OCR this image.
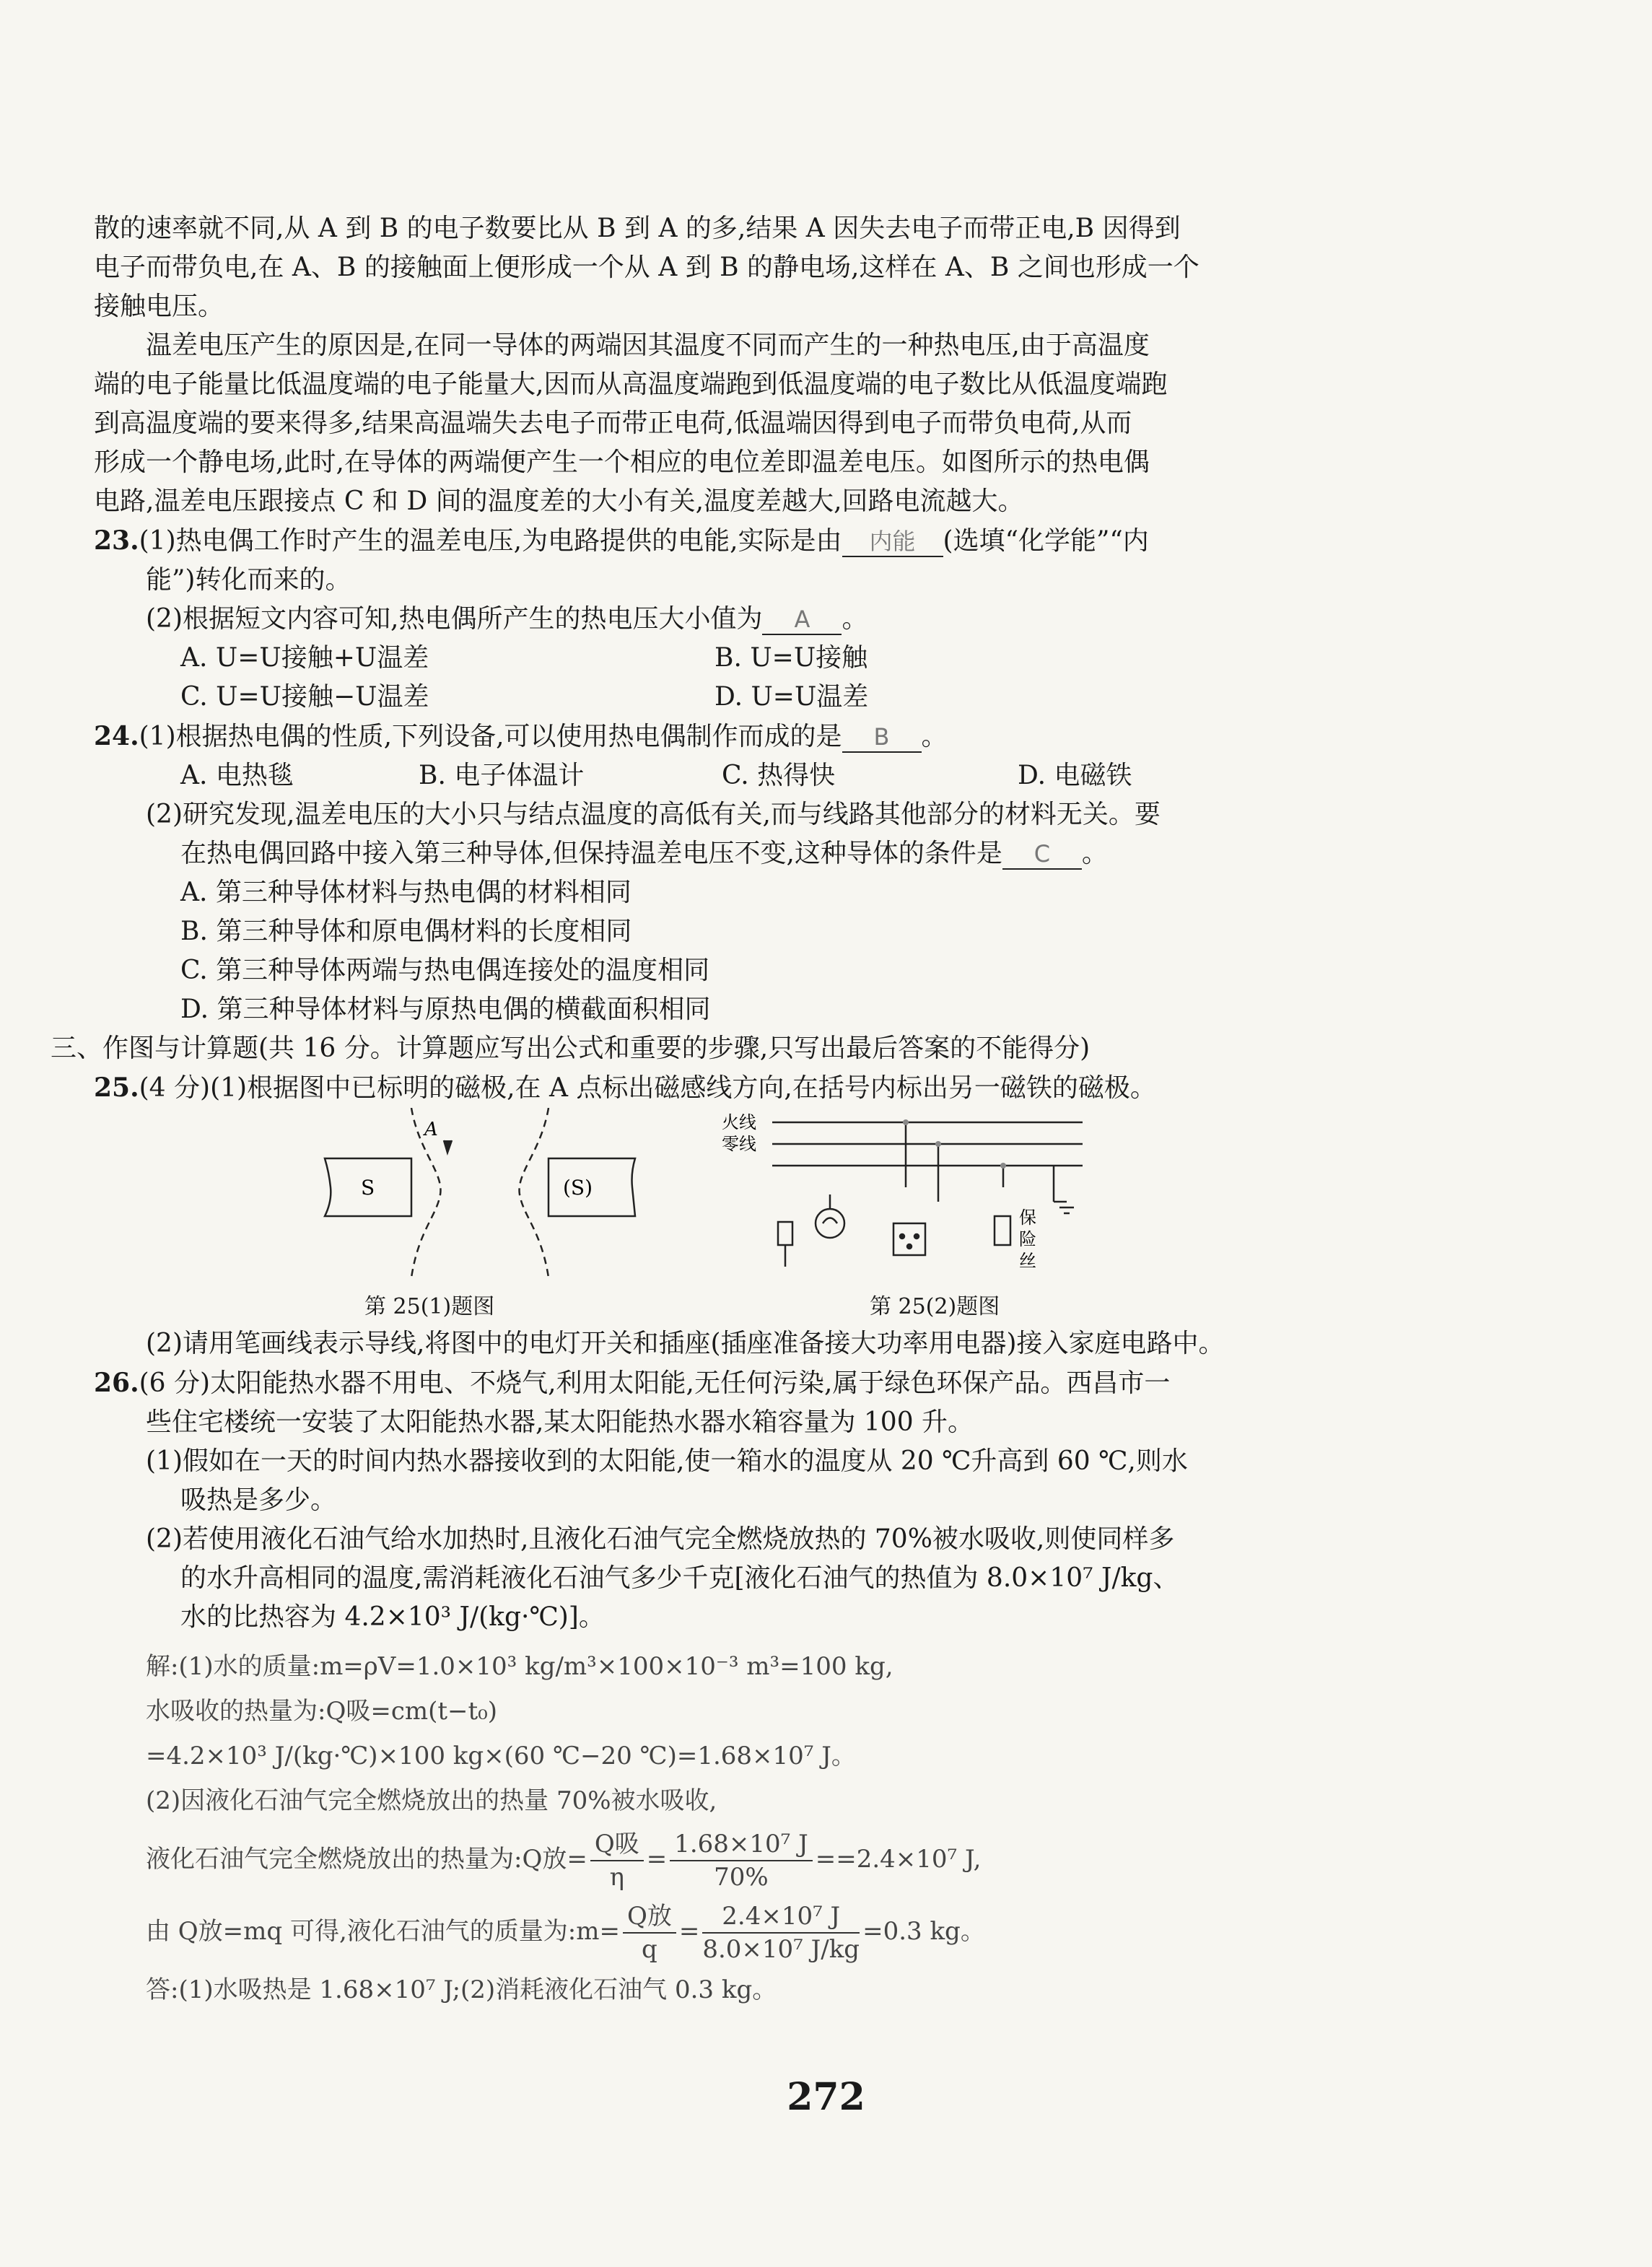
散的速率就不同,从 A 到 B 的电子数要比从 B 到 A 的多,结果 A 因失去电子而带正电,B 因得到
电子而带负电,在 A、B 的接触面上便形成一个从 A 到 B 的静电场,这样在 A、B 之间也形成一个
接触电压。
温差电压产生的原因是,在同一导体的两端因其温度不同而产生的一种热电压,由于高温度
端的电子能量比低温度端的电子能量大,因而从高温度端跑到低温度端的电子数比从低温度端跑
到高温度端的要来得多,结果高温端失去电子而带正电荷,低温端因得到电子而带负电荷,从而
形成一个静电场,此时,在导体的两端便产生一个相应的电位差即温差电压。如图所示的热电偶
电路,温差电压跟接点 C 和 D 间的温度差的大小有关,温度差越大,回路电流越大。
23.(1)热电偶工作时产生的温差电压,为电路提供的电能,实际是由 内能 (选填“化学能”“内
能”)转化而来的。
(2)根据短文内容可知,热电偶所产生的热电压大小值为 A 。
A. U=U接触+U温差	B. U=U接触
C. U=U接触−U温差	D. U=U温差
24.(1)根据热电偶的性质,下列设备,可以使用热电偶制作而成的是 B 。
A. 电热毯	B. 电子体温计	C. 热得快	D. 电磁铁
(2)研究发现,温差电压的大小只与结点温度的高低有关,而与线路其他部分的材料无关。要
在热电偶回路中接入第三种导体,但保持温差电压不变,这种导体的条件是 C 。
A. 第三种导体材料与热电偶的材料相同
B. 第三种导体和原电偶材料的长度相同
C. 第三种导体两端与热电偶连接处的温度相同
D. 第三种导体材料与原热电偶的横截面积相同
三、作图与计算题(共 16 分。计算题应写出公式和重要的步骤,只写出最后答案的不能得分)
25.(4 分)(1)根据图中已标明的磁极,在 A 点标出磁感线方向,在括号内标出另一磁铁的磁极。
A
S	(S)
第 25(1)题图
火线
零线
保
险
丝
第 25(2)题图
(2)请用笔画线表示导线,将图中的电灯开关和插座(插座准备接大功率用电器)接入家庭电路中。
26.(6 分)太阳能热水器不用电、不烧气,利用太阳能,无任何污染,属于绿色环保产品。西昌市一
些住宅楼统一安装了太阳能热水器,某太阳能热水器水箱容量为 100 升。
(1)假如在一天的时间内热水器接收到的太阳能,使一箱水的温度从 20 ℃升高到 60 ℃,则水
吸热是多少。
(2)若使用液化石油气给水加热时,且液化石油气完全燃烧放热的 70%被水吸收,则使同样多
的水升高相同的温度,需消耗液化石油气多少千克[液化石油气的热值为 8.0×10⁷ J/kg、
水的比热容为 4.2×10³ J/(kg·℃)]。
解:(1)水的质量:m=ρV=1.0×10³ kg/m³×100×10⁻³ m³=100 kg,
水吸收的热量为:Q吸=cm(t−t₀)
=4.2×10³ J/(kg·℃)×100 kg×(60 ℃−20 ℃)=1.68×10⁷ J。
(2)因液化石油气完全燃烧放出的热量 70%被水吸收,
液化石油气完全燃烧放出的热量为:Q放= $\frac{\text{Q吸}}{\eta} = \frac{\text{1.68×10⁷ J}}{70\%} ==2.4\times 10^7$ J,
由 Q放=mq 可得,液化石油气的质量为:m= $\frac{\text{Q放}}{q} = \frac{\text{2.4×10⁷ J}}{\text{8.0×10⁷ J/kg}} =0.3$ kg。
答:(1)水吸热是 1.68×10⁷ J;(2)消耗液化石油气 0.3 kg。
272
